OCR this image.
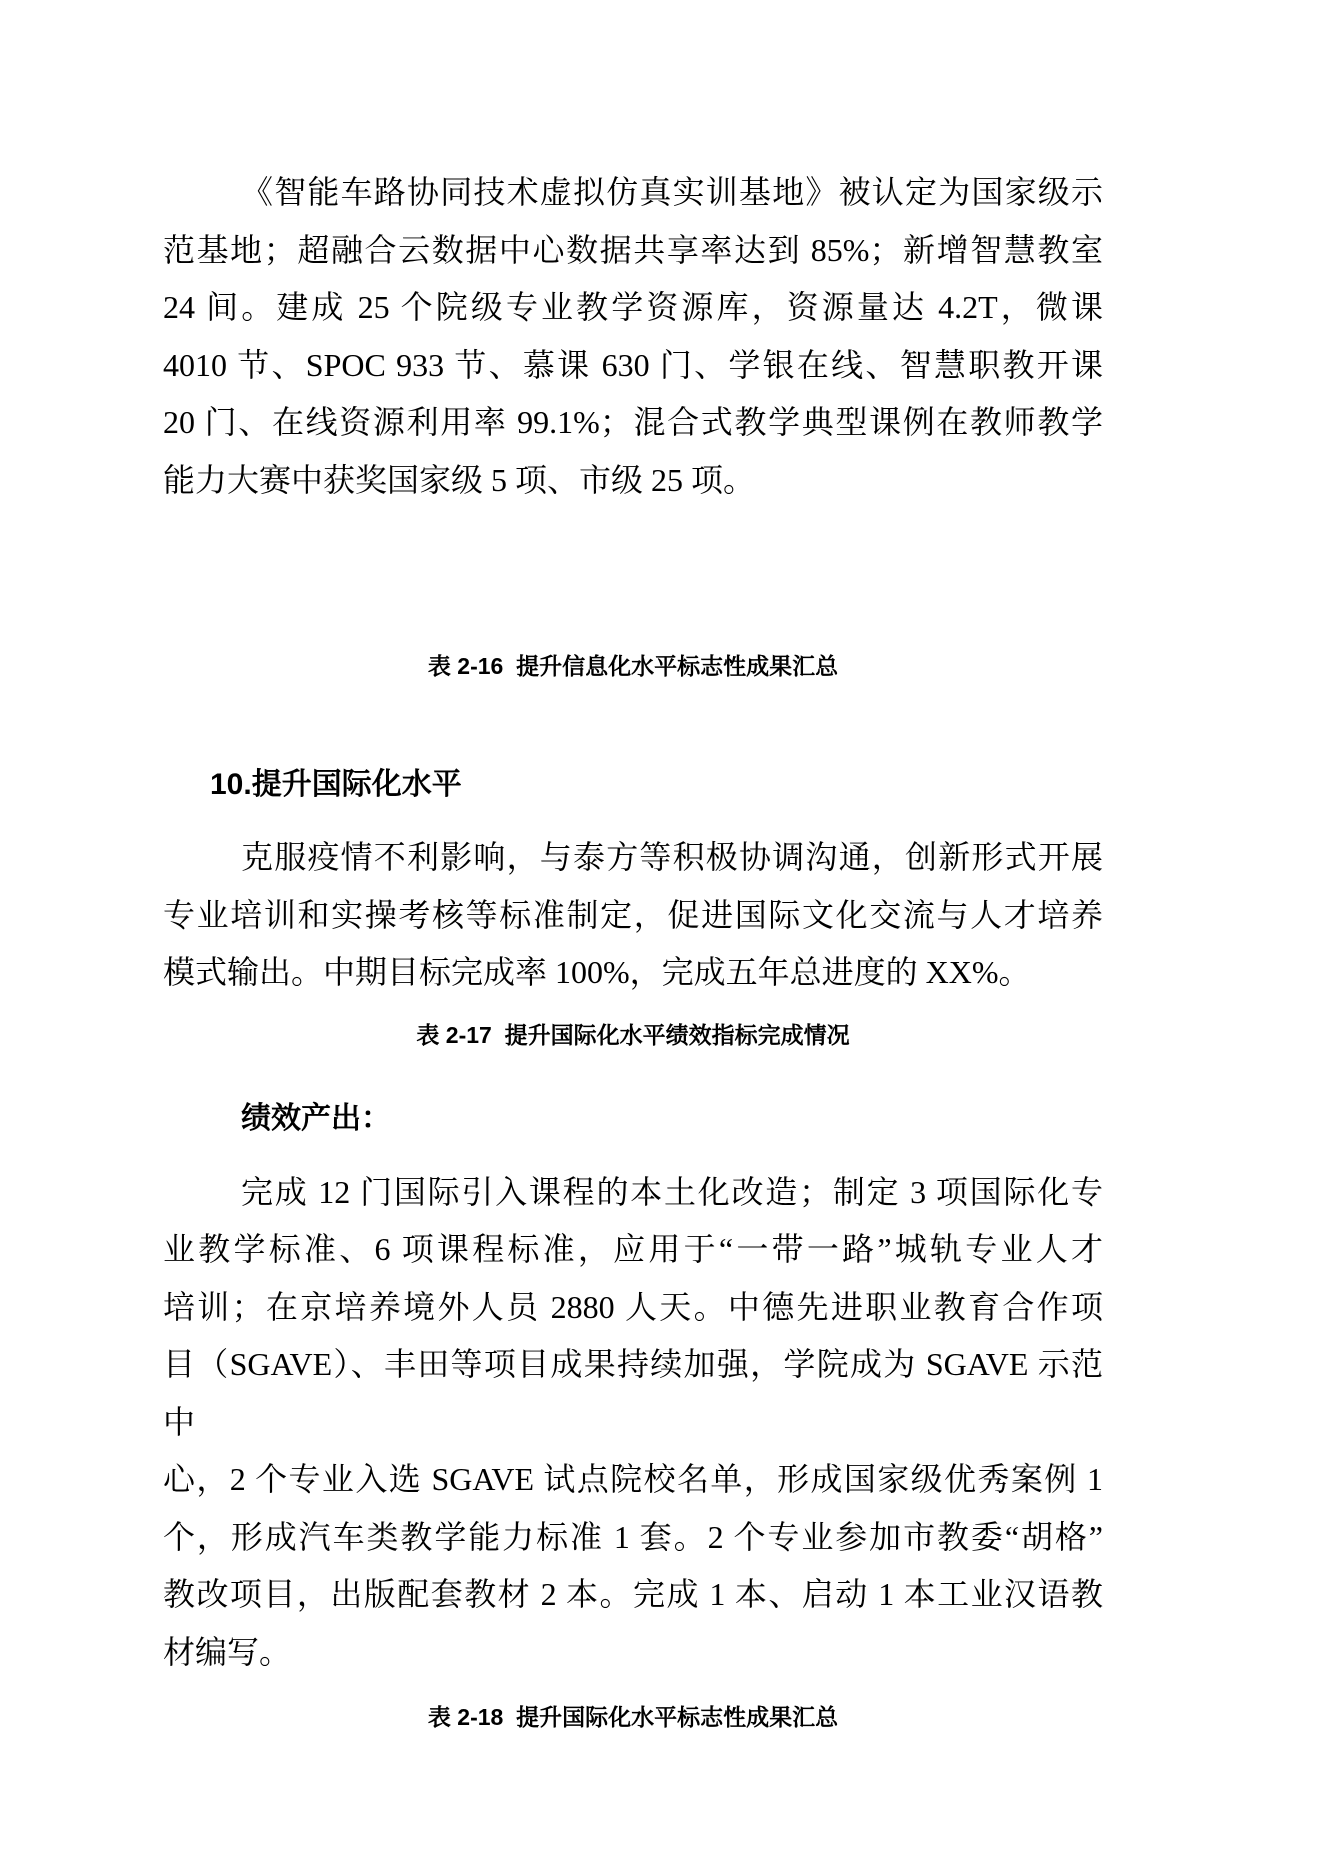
《智能车路协同技术虚拟仿真实训基地》被认定为国家级示
范基地；超融合云数据中心数据共享率达到 85%；新增智慧教室
24 间。建成 25 个院级专业教学资源库，资源量达 4.2T，微课
4010 节、SPOC 933 节、慕课 630 门、学银在线、智慧职教开课
20 门、在线资源利用率 99.1%；混合式教学典型课例在教师教学
能力大赛中获奖国家级 5 项、市级 25 项。
表 2-16  提升信息化水平标志性成果汇总
10.提升国际化水平
克服疫情不利影响，与泰方等积极协调沟通，创新形式开展
专业培训和实操考核等标准制定，促进国际文化交流与人才培养
模式输出。中期目标完成率 100%，完成五年总进度的 XX%。
表 2-17  提升国际化水平绩效指标完成情况
绩效产出：
完成 12 门国际引入课程的本土化改造；制定 3 项国际化专
业教学标准、6 项课程标准，应用于“一带一路”城轨专业人才
培训；在京培养境外人员 2880 人天。中德先进职业教育合作项
目（SGAVE）、丰田等项目成果持续加强，学院成为 SGAVE 示范中
心，2 个专业入选 SGAVE 试点院校名单，形成国家级优秀案例 1
个，形成汽车类教学能力标准 1 套。2 个专业参加市教委“胡格”
教改项目，出版配套教材 2 本。完成 1 本、启动 1 本工业汉语教
材编写。
表 2-18  提升国际化水平标志性成果汇总
